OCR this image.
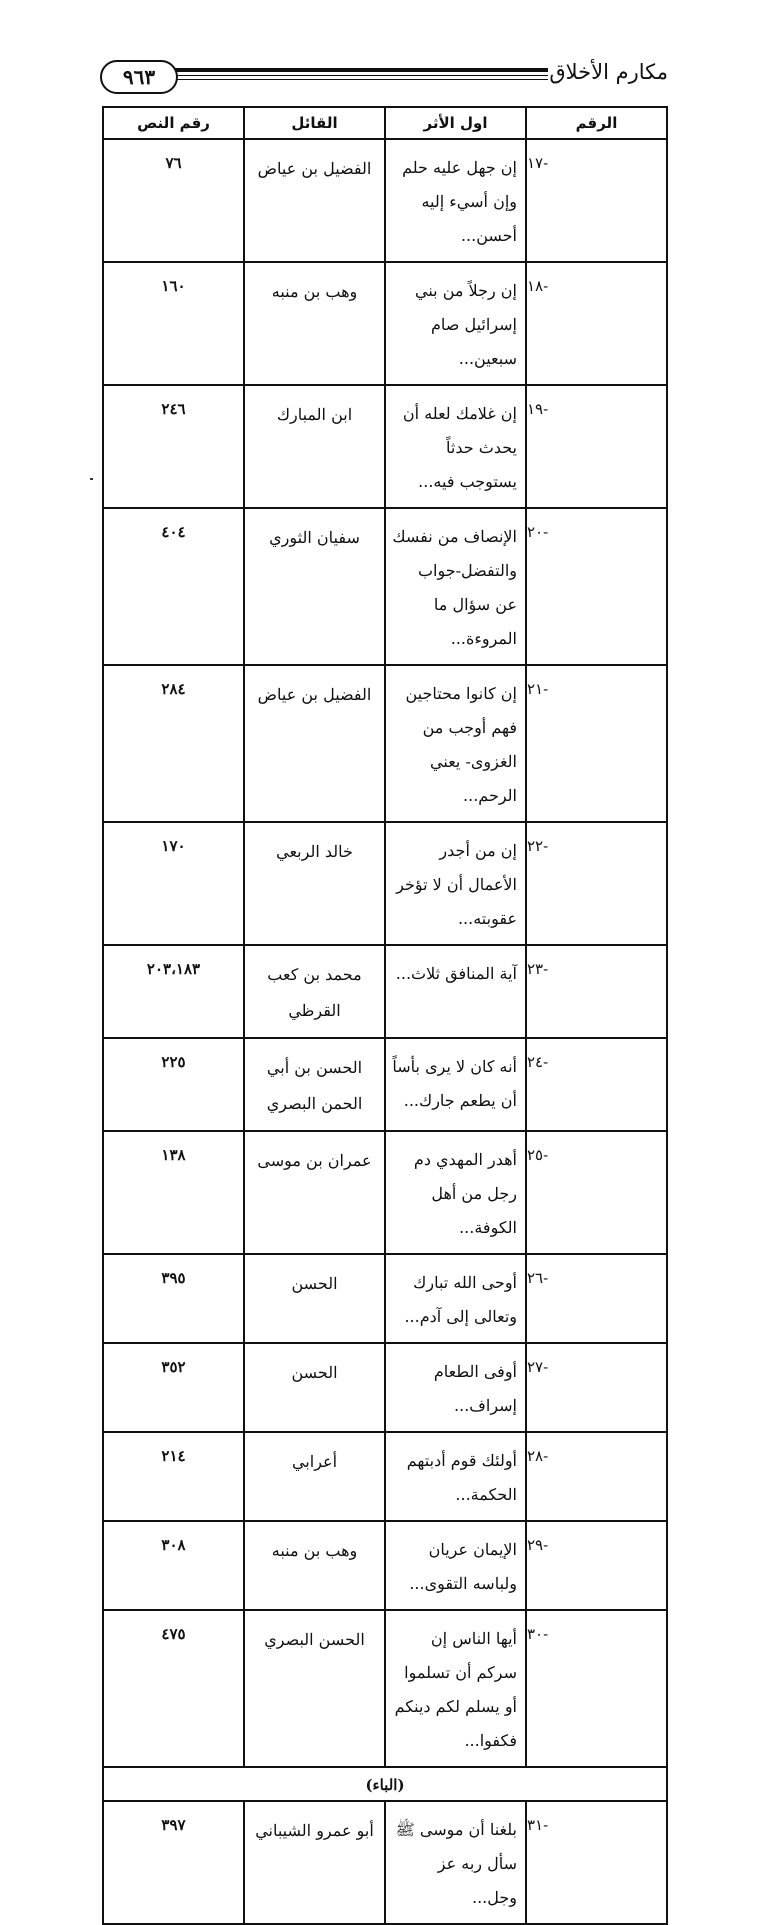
٩٦٣	مكارم الأخلاق
الرقم	اول الأثر	القائل	رقم النص
-١٧	إن جهل عليه حلم وإن أسيء إليه أحسن...	الفضيل بن عياض	٧٦
-١٨	إن رجلاً من بني إسرائيل صام سبعين...	وهب بن منبه	١٦٠
-١٩	إن غلامك لعله أن يحدث حدثاً يستوجب فيه...	ابن المبارك	٢٤٦
-٢٠	الإنصاف من نفسك والتفضل-جواب عن سؤال ما المروءة...	سفيان الثوري	٤٠٤
-٢١	إن كانوا محتاجين فهم أوجب من الغزوى- يعني الرحم...	الفضيل بن عياض	٢٨٤
-٢٢	إن من أجدر الأعمال أن لا تؤخر عقوبته...	خالد الربعي	١٧٠
-٢٣	آية المنافق ثلاث...	محمد بن كعب القرظي	٢٠٣،١٨٣
-٢٤	أنه كان لا يرى بأساً أن يطعم جارك...	الحسن بن أبي الحمن البصري	٢٢٥
-٢٥	أهدر المهدي دم رجل من أهل الكوفة...	عمران بن موسى	١٣٨
-٢٦	أوحى الله تبارك وتعالى إلى آدم...	الحسن	٣٩٥
-٢٧	أوفى الطعام إسراف...	الحسن	٣٥٢
-٢٨	أولئك قوم أدبتهم الحكمة...	أعرابي	٢١٤
-٢٩	الإيمان عريان ولباسه التقوى...	وهب بن منبه	٣٠٨
-٣٠	أيها الناس إن سركم أن تسلموا أو يسلم لكم دينكم فكفوا...	الحسن البصري	٤٧٥
(الباء)			
-٣١	بلغنا أن موسى ﷺ سأل ربه عز وجل...	أبو عمرو الشيباني	٣٩٧
